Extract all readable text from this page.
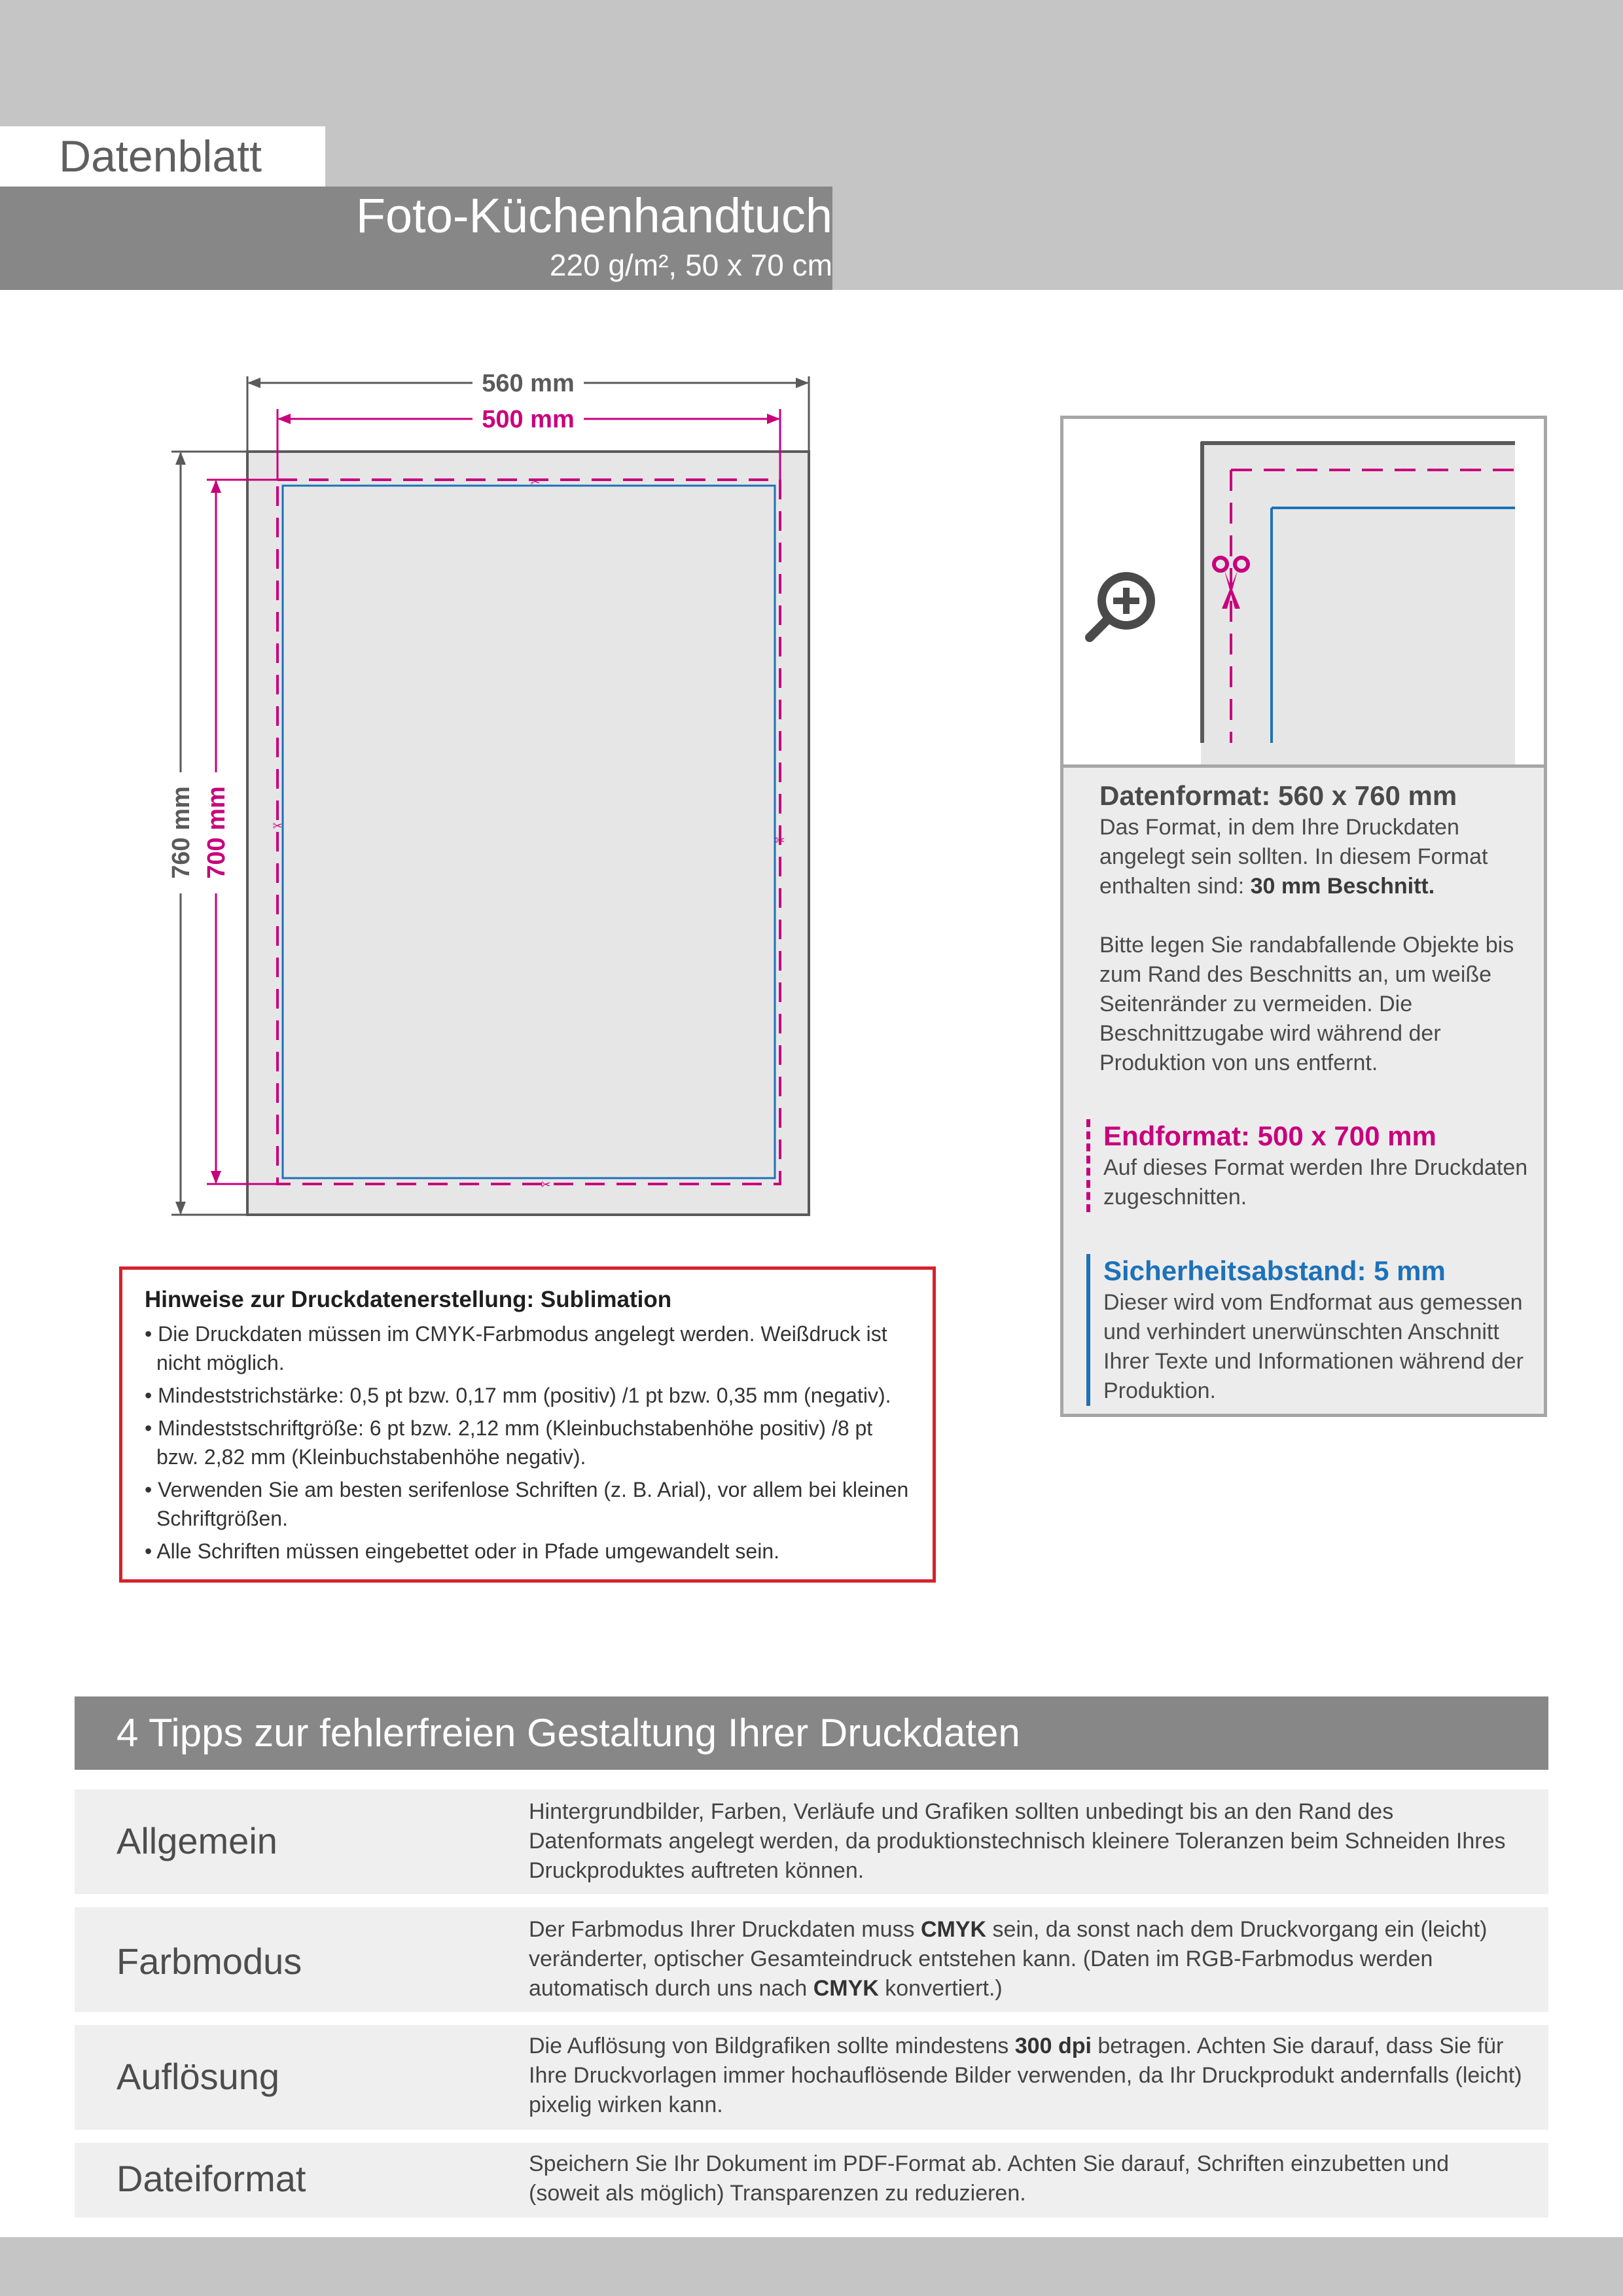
Datenblatt
Foto-Küchenhandtuch
220 g/m², 50 x 70 cm
✂
✂
✂
✂
560 mm
500 mm
760 mm 700 mm
Hinweise zur Druckdatenerstellung: Sublimation
• Die Druckdaten müssen im CMYK-Farbmodus angelegt werden. Weißdruck ist nicht möglich.
• Mindeststrichstärke: 0,5 pt bzw. 0,17 mm (positiv) /1 pt bzw. 0,35 mm (negativ).
• Mindeststschriftgröße: 6 pt bzw. 2,12 mm (Kleinbuchstabenhöhe positiv) /8 pt bzw. 2,82 mm (Kleinbuchstabenhöhe negativ).
• Verwenden Sie am besten serifenlose Schriften (z. B. Arial), vor allem bei kleinen Schriftgrößen.
• Alle Schriften müssen eingebettet oder in Pfade umgewandelt sein.
Datenformat: 560 x 760 mm
Das Format, in dem Ihre Druckdaten angelegt sein sollten. In diesem Format enthalten sind: 30 mm Beschnitt.
Bitte legen Sie randabfallende Objekte bis zum Rand des Beschnitts an, um weiße Seitenränder zu vermeiden. Die Beschnittzugabe wird während der Produktion von uns entfernt.
Endformat: 500 x 700 mm
Auf dieses Format werden Ihre Druckdaten zugeschnitten.
Sicherheitsabstand: 5 mm
Dieser wird vom Endformat aus gemessen und verhindert unerwünschten Anschnitt Ihrer Texte und Informationen während der Produktion.
4 Tipps zur fehlerfreien Gestaltung Ihrer Druckdaten
Allgemein
Hintergrundbilder, Farben, Verläufe und Grafiken sollten unbedingt bis an den Rand des Datenformats angelegt werden, da produktionstechnisch kleinere Toleranzen beim Schneiden Ihres Druckproduktes auftreten können.
Farbmodus
Der Farbmodus Ihrer Druckdaten muss CMYK sein, da sonst nach dem Druckvorgang ein (leicht) veränderter, optischer Gesamteindruck entstehen kann. (Daten im RGB-Farbmodus werden automatisch durch uns nach CMYK konvertiert.)
Auflösung
Die Auflösung von Bildgrafiken sollte mindestens 300 dpi betragen. Achten Sie darauf, dass Sie für Ihre Druckvorlagen immer hochauflösende Bilder verwenden, da Ihr Druckprodukt andernfalls (leicht) pixelig wirken kann.
Dateiformat	Speichern Sie Ihr Dokument im PDF-Format ab. Achten Sie darauf, Schriften einzubetten und (soweit als möglich) Transparenzen zu reduzieren.
